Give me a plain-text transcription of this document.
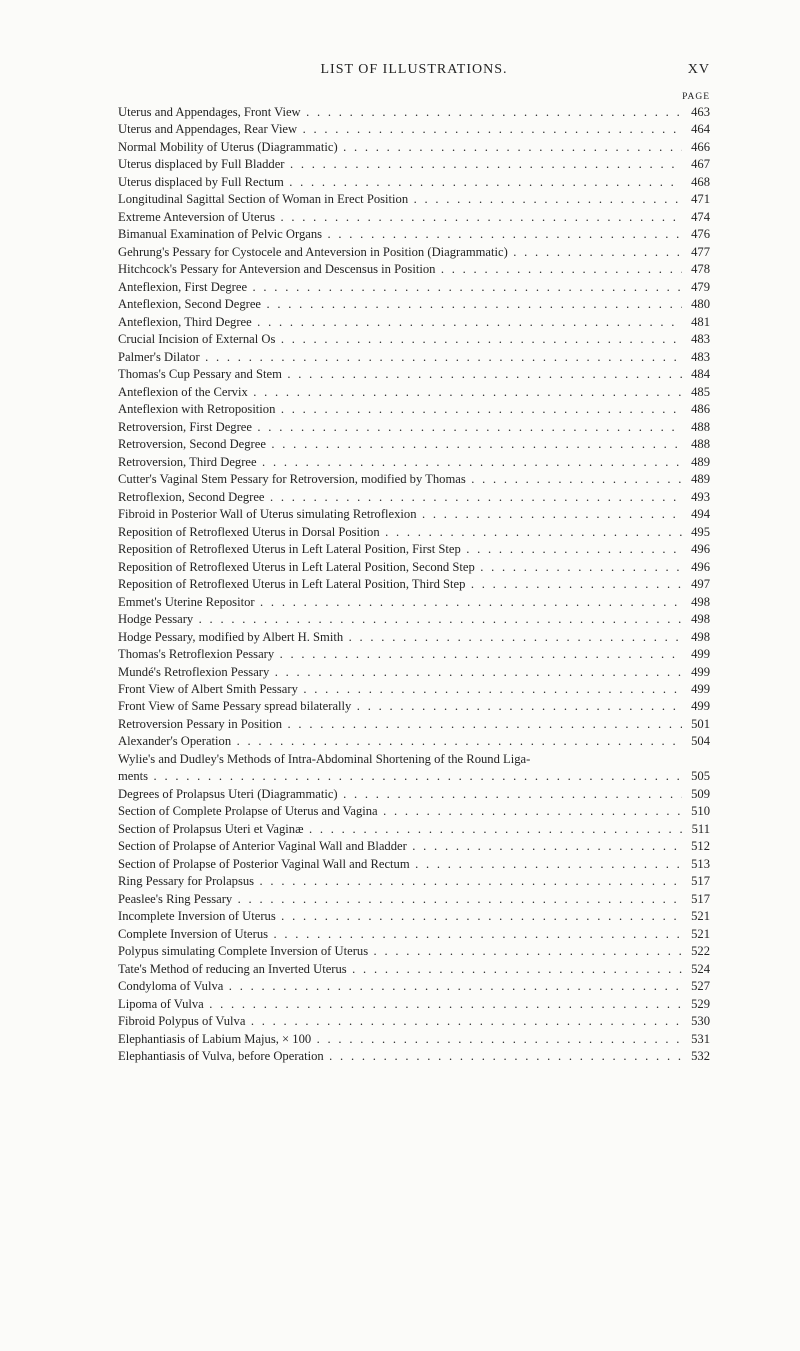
LIST OF ILLUSTRATIONS.	XV
PAGE
Uterus and Appendages, Front View . . .	463
Uterus and Appendages, Rear View . . .	464
Normal Mobility of Uterus (Diagrammatic) . . .	466
Uterus displaced by Full Bladder . . .	467
Uterus displaced by Full Rectum . . .	468
Longitudinal Sagittal Section of Woman in Erect Position . . .	471
Extreme Anteversion of Uterus . . .	474
Bimanual Examination of Pelvic Organs . . .	476
Gehrung's Pessary for Cystocele and Anteversion in Position (Diagrammatic) . . .	477
Hitchcock's Pessary for Anteversion and Descensus in Position . . .	478
Anteflexion, First Degree . . .	479
Anteflexion, Second Degree . . .	480
Anteflexion, Third Degree . . .	481
Crucial Incision of External Os . . .	483
Palmer's Dilator . . .	483
Thomas's Cup Pessary and Stem . . .	484
Anteflexion of the Cervix . . .	485
Anteflexion with Retroposition . . .	486
Retroversion, First Degree . . .	488
Retroversion, Second Degree . . .	488
Retroversion, Third Degree . . .	489
Cutter's Vaginal Stem Pessary for Retroversion, modified by Thomas . . .	489
Retroflexion, Second Degree . . .	493
Fibroid in Posterior Wall of Uterus simulating Retroflexion . . .	494
Reposition of Retroflexed Uterus in Dorsal Position . . .	495
Reposition of Retroflexed Uterus in Left Lateral Position, First Step . . .	496
Reposition of Retroflexed Uterus in Left Lateral Position, Second Step . . .	496
Reposition of Retroflexed Uterus in Left Lateral Position, Third Step . . .	497
Emmet's Uterine Repositor . . .	498
Hodge Pessary . . .	498
Hodge Pessary, modified by Albert H. Smith . . .	498
Thomas's Retroflexion Pessary . . .	499
Mundé's Retroflexion Pessary . . .	499
Front View of Albert Smith Pessary . . .	499
Front View of Same Pessary spread bilaterally . . .	499
Retroversion Pessary in Position . . .	501
Alexander's Operation . . .	504
Wylie's and Dudley's Methods of Intra-Abdominal Shortening of the Round Liga-
ments . . .	505
Degrees of Prolapsus Uteri (Diagrammatic) . . .	509
Section of Complete Prolapse of Uterus and Vagina . . .	510
Section of Prolapsus Uteri et Vaginæ . . .	511
Section of Prolapse of Anterior Vaginal Wall and Bladder . . .	512
Section of Prolapse of Posterior Vaginal Wall and Rectum . . .	513
Ring Pessary for Prolapsus . . .	517
Peaslee's Ring Pessary . . .	517
Incomplete Inversion of Uterus . . .	521
Complete Inversion of Uterus . . .	521
Polypus simulating Complete Inversion of Uterus . . .	522
Tate's Method of reducing an Inverted Uterus . . .	524
Condyloma of Vulva . . .	527
Lipoma of Vulva . . .	529
Fibroid Polypus of Vulva . . .	530
Elephantiasis of Labium Majus, × 100 . . .	531
Elephantiasis of Vulva, before Operation . . .	532
